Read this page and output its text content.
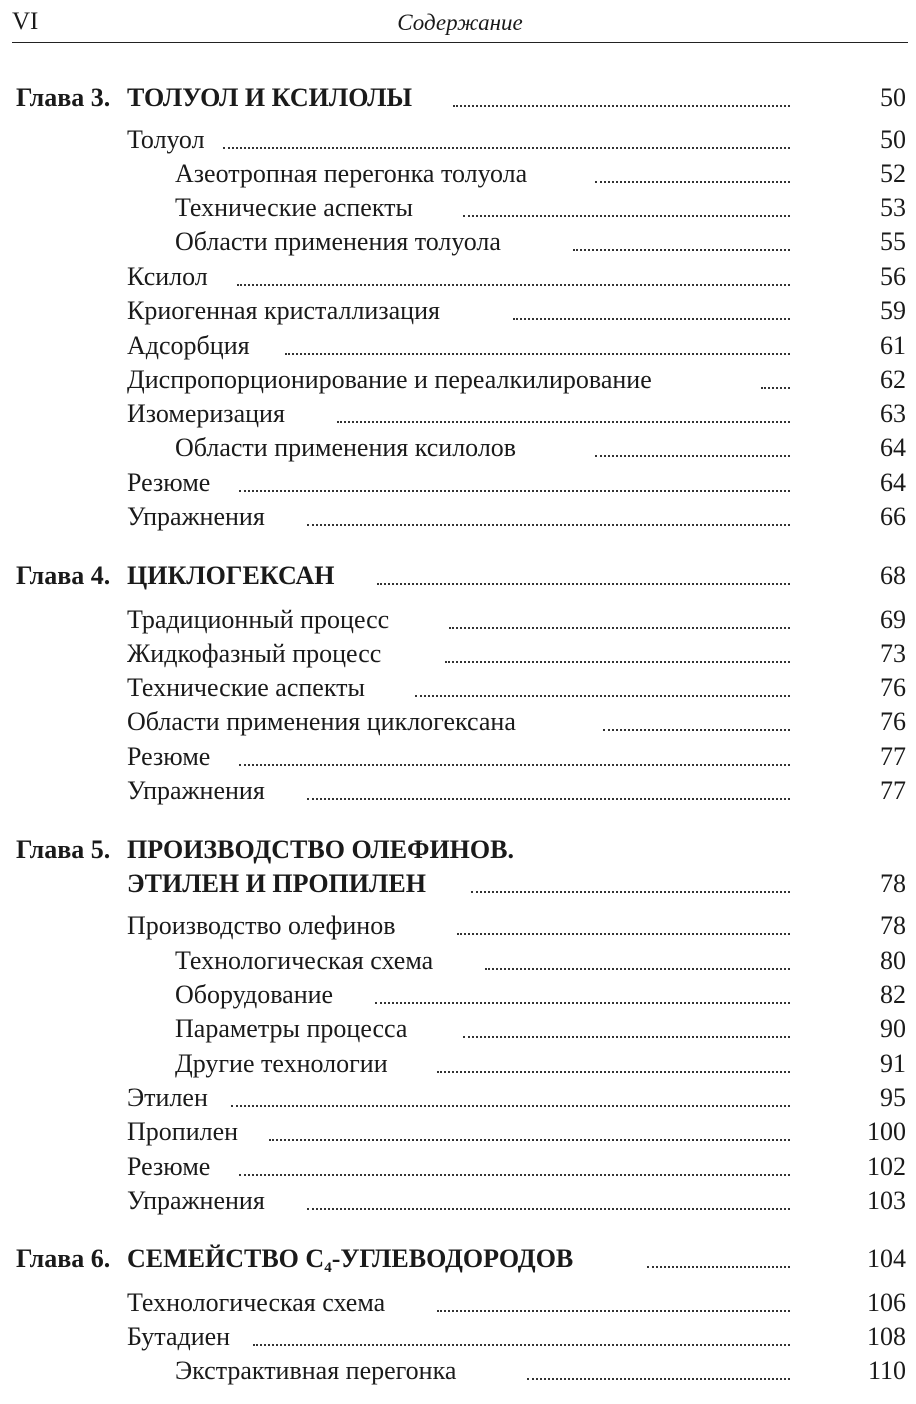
VI	Содержание
Глава 3. ТОЛУОЛ И КСИЛОЛЫ	50
Толуол	50
Азеотропная перегонка толуола	52
Технические аспекты	53
Области применения толуола	55
Ксилол	56
Криогенная кристаллизация	59
Адсорбция	61
Диспропорционирование и переалкилирование	62
Изомеризация	63
Области применения ксилолов	64
Резюме	64
Упражнения	66
Глава 4. ЦИКЛОГЕКСАН	68
Традиционный процесс	69
Жидкофазный процесс	73
Технические аспекты	76
Области применения циклогексана	76
Резюме	77
Упражнения	77
Глава 5. ПРОИЗВОДСТВО ОЛЕФИНОВ.
ЭТИЛЕН И ПРОПИЛЕН	78
Производство олефинов	78
Технологическая схема	80
Оборудование	82
Параметры процесса	90
Другие технологии	91
Этилен	95
Пропилен	100
Резюме	102
Упражнения	103
Глава 6. СЕМЕЙСТВО $С_4$-УГЛЕВОДОРОДОВ	104
Технологическая схема	106
Бутадиен	108
Экстрактивная перегонка	110
